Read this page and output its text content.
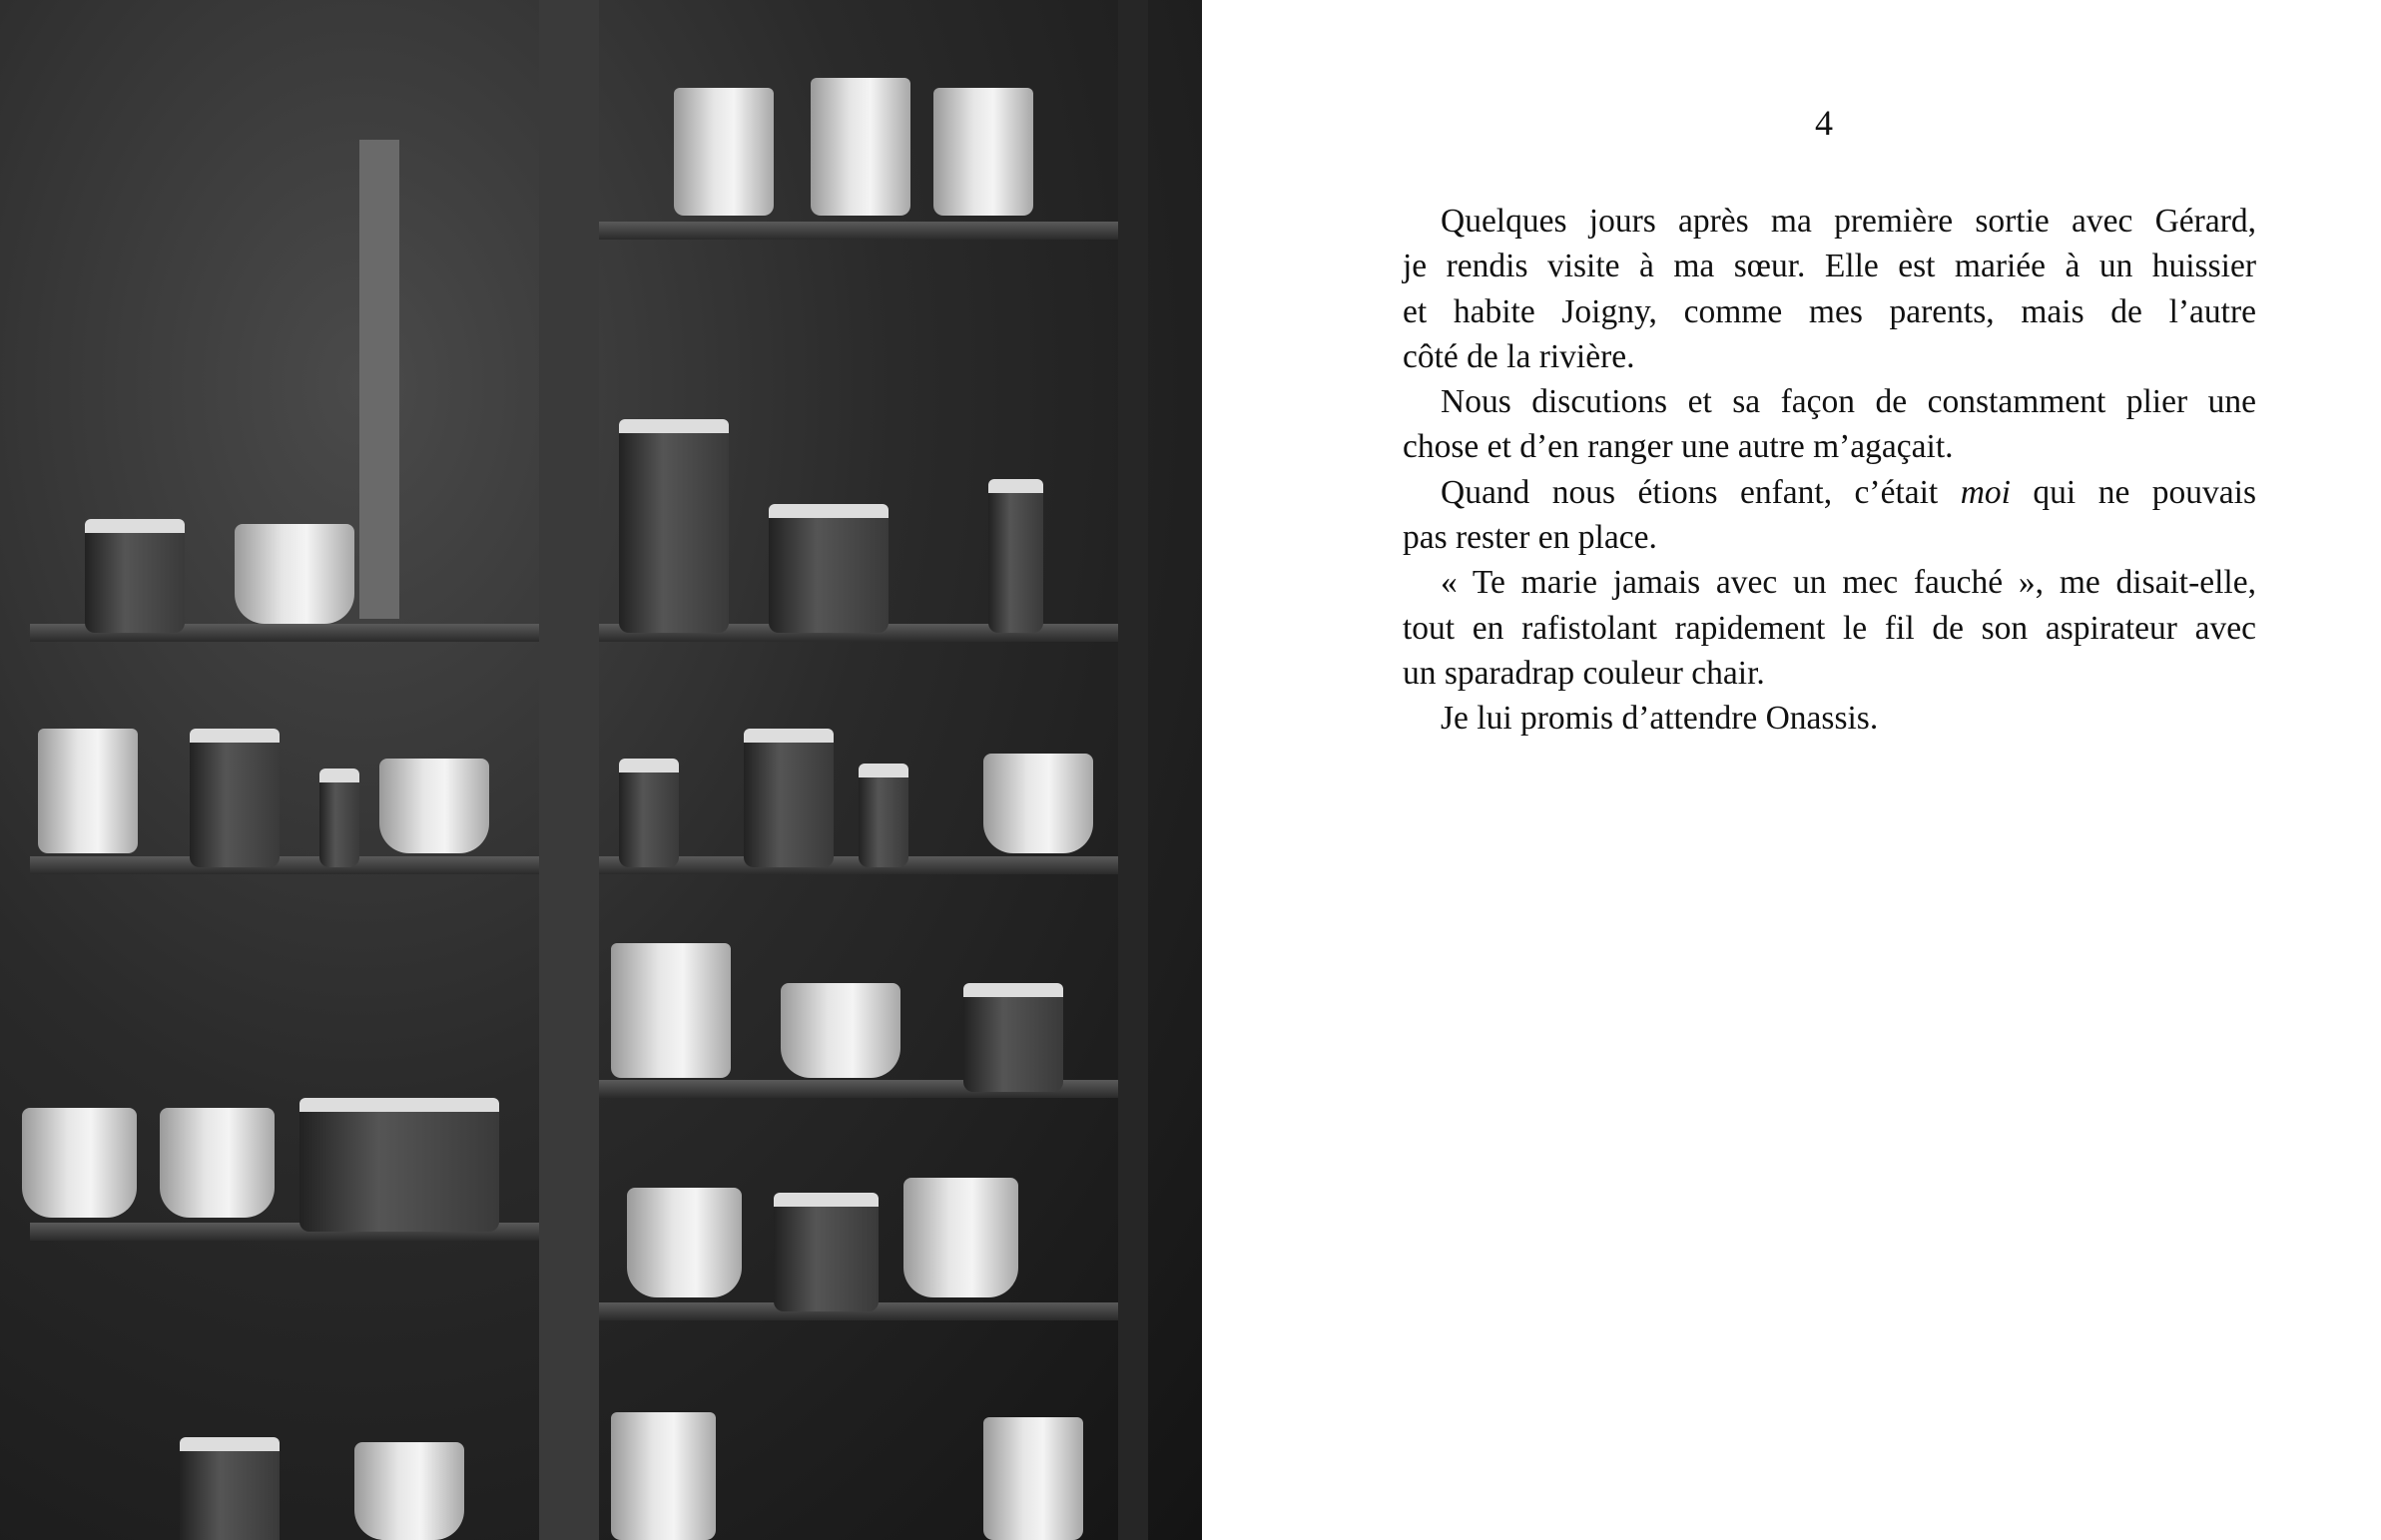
4
Quelques jours après ma première sortie avec Gérard,
je rendis visite à ma sœur. Elle est mariée à un huissier
et habite Joigny, comme mes parents, mais de l’autre
côté de la rivière.
Nous discutions et sa façon de constamment plier une
chose et d’en ranger une autre m’agaçait.
Quand nous étions enfant, c’était moi qui ne pouvais
pas rester en place.
« Te marie jamais avec un mec fauché », me disait-elle,
tout en rafistolant rapidement le fil de son aspirateur avec
un sparadrap couleur chair.
Je lui promis d’attendre Onassis.
